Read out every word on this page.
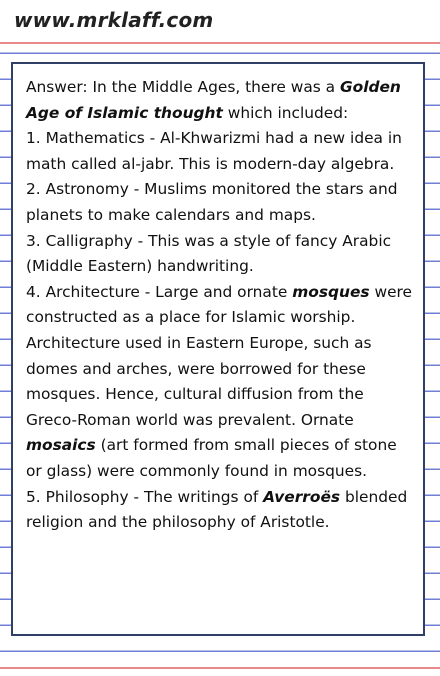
www.mrklaff.com

Answer: In the Middle Ages, there was a Golden Age of Islamic thought which included:

1. Mathematics - Al-Khwarizmi had a new idea in math called al-jabr. This is modern-day algebra.

2. Astronomy - Muslims monitored the stars and planets to make calendars and maps.

3. Calligraphy - This was a style of fancy Arabic (Middle Eastern) handwriting.

4. Architecture - Large and ornate mosques were constructed as a place for Islamic worship. Architecture used in Eastern Europe, such as domes and arches, were borrowed for these mosques. Hence, cultural diffusion from the Greco-Roman world was prevalent. Ornate mosaics (art formed from small pieces of stone or glass) were commonly found in mosques.

5. Philosophy - The writings of Averroës blended religion and the philosophy of Aristotle.
